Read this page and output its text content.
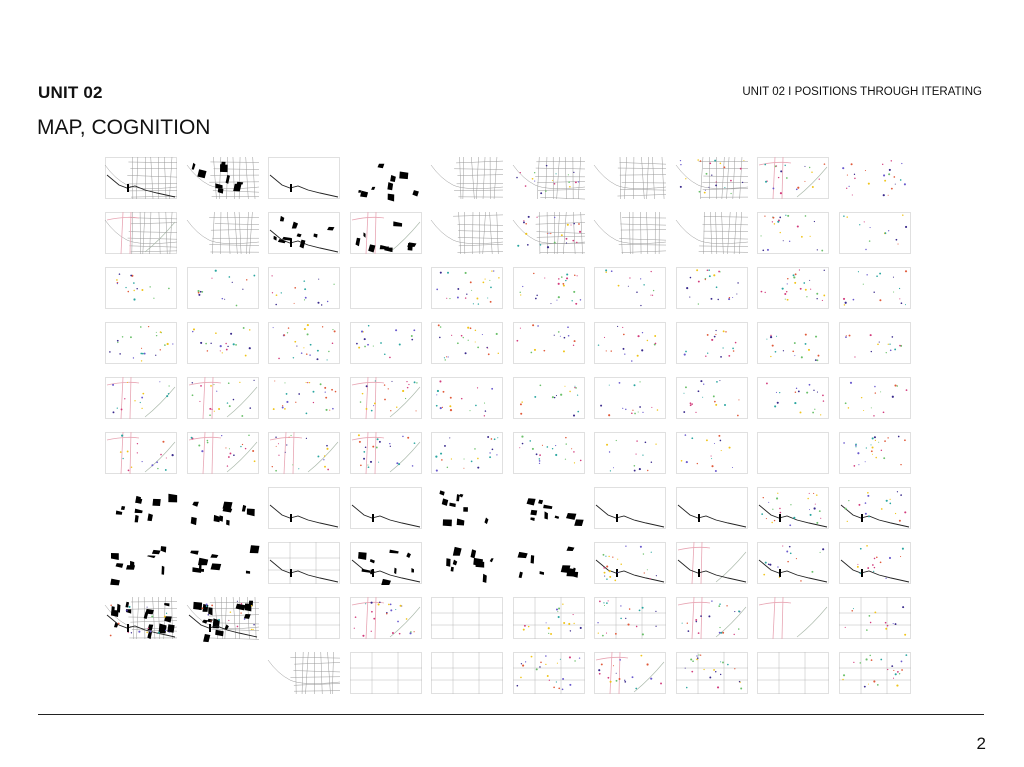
UNIT 02
MAP, COGNITION
UNIT 02 I POSITIONS THROUGH ITERATING
2
